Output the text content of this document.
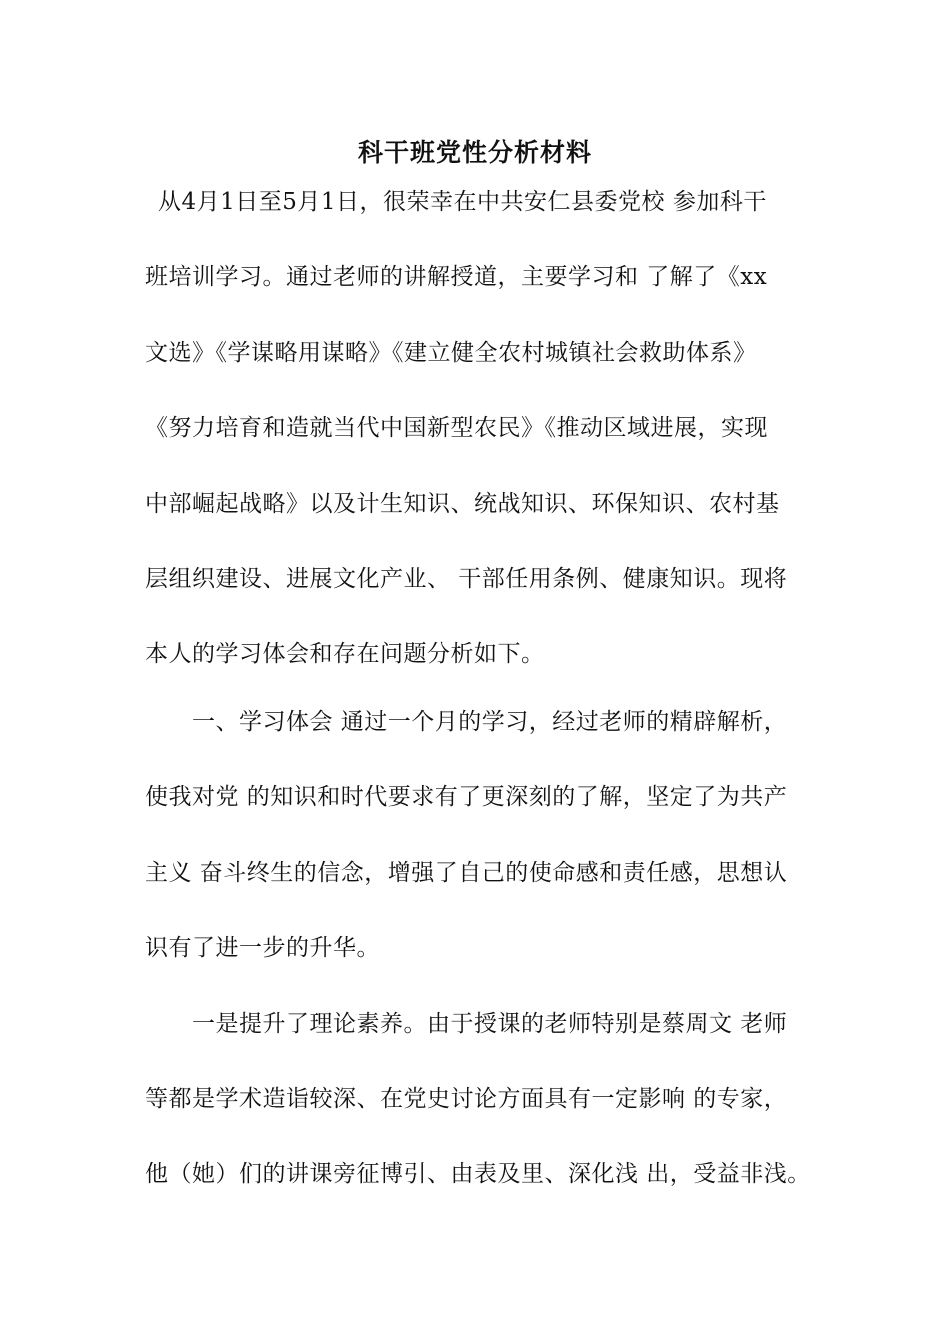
科干班党性分析材料
从4月1日至5月1日，很荣幸在中共安仁县委党校 参加科干
班培训学习。通过老师的讲解授道，主要学习和 了解了《xx
文选》《学谋略用谋略》《建立健全农村城镇社会救助体系》
《努力培育和造就当代中国新型农民》《推动区域进展，实现
中部崛起战略》以及计生知识、统战知识、环保知识、农村基
层组织建设、进展文化产业、 干部任用条例、健康知识。现将
本人的学习体会和存在问题分析如下。
一、学习体会 通过一个月的学习，经过老师的精辟解析，
使我对党 的知识和时代要求有了更深刻的了解，坚定了为共产
主义 奋斗终生的信念，增强了自己的使命感和责任感，思想认
识有了进一步的升华。
一是提升了理论素养。由于授课的老师特别是蔡周文 老师
等都是学术造诣较深、在党史讨论方面具有一定影响 的专家，
他（她）们的讲课旁征博引、由表及里、深化浅 出，受益非浅。
